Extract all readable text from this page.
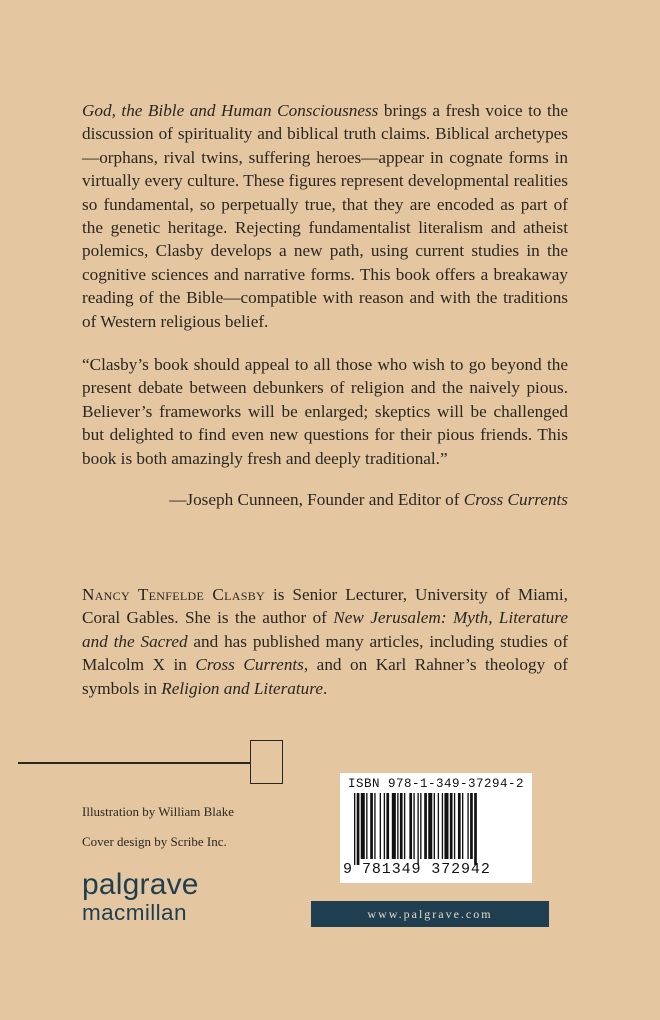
God, the Bible and Human Consciousness brings a fresh voice to the discussion of spirituality and biblical truth claims. Biblical archetypes—orphans, rival twins, suffering heroes—appear in cognate forms in virtually every culture. These figures represent developmental realities so fundamental, so perpetually true, that they are encoded as part of the genetic heritage. Rejecting fundamentalist literalism and atheist polemics, Clasby develops a new path, using current studies in the cognitive sciences and narrative forms. This book offers a breakaway reading of the Bible—compatible with reason and with the traditions of Western religious belief.

“Clasby’s book should appeal to all those who wish to go beyond the present debate between debunkers of religion and the naively pious. Believer’s frameworks will be enlarged; skeptics will be challenged but delighted to find even new questions for their pious friends. This book is both amazingly fresh and deeply traditional.”

—Joseph Cunneen, Founder and Editor of Cross Currents

Nancy Tenfelde Clasby is Senior Lecturer, University of Miami, Coral Gables. She is the author of New Jerusalem: Myth, Literature and the Sacred and has published many articles, including studies of Malcolm X in Cross Currents, and on Karl Rahner’s theology of symbols in Religion and Literature.

Illustration by William Blake
Cover design by Scribe Inc.
palgrave
macmillan
ISBN 978-1-349-37294-2
9 781349 372942
www.palgrave.com
